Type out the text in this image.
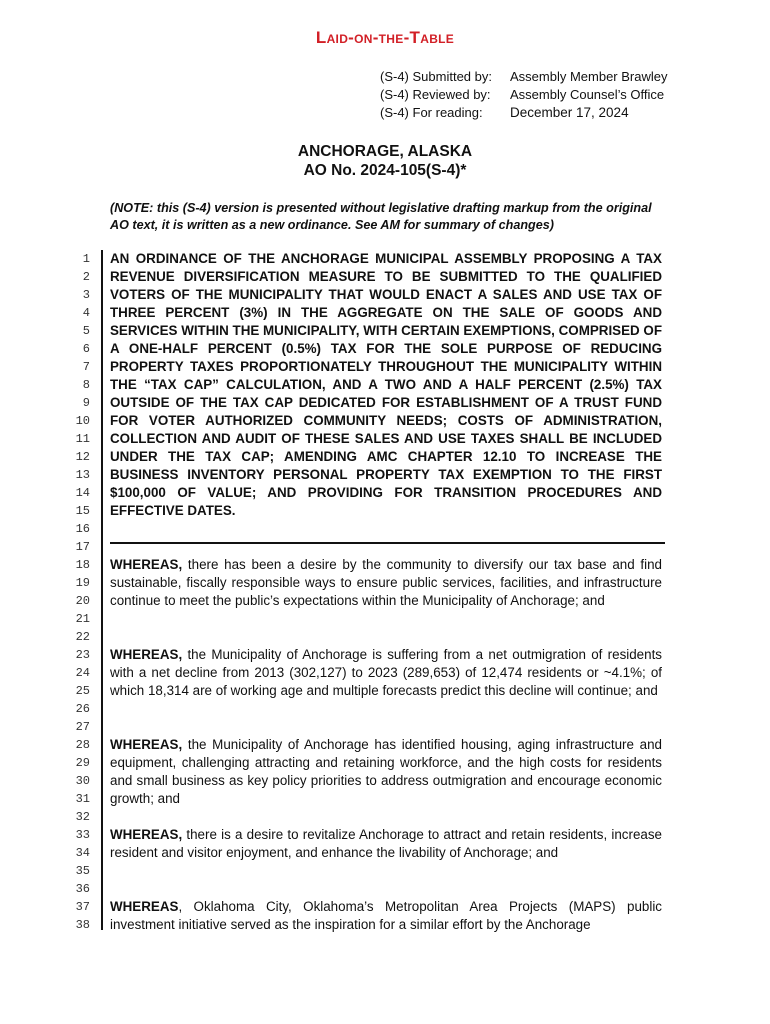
Laid-on-the-Table
(S-4) Submitted by:	Assembly Member Brawley
(S-4) Reviewed by:	Assembly Counsel’s Office
(S-4) For reading:	December 17, 2024
ANCHORAGE, ALASKA
AO No. 2024-105(S-4)*
(NOTE: this (S-4) version is presented without legislative drafting markup from the original AO text, it is written as a new ordinance. See AM for summary of changes)
1
2
3
4
5
6
7
8
9
10
11
12
13
14
15
16
17
18
19
20
21
22
23
24
25
26
27
28
29
30
31
32
33
34
35
36
37
38
AN ORDINANCE OF THE ANCHORAGE MUNICIPAL ASSEMBLY PROPOSING A TAX REVENUE DIVERSIFICATION MEASURE TO BE SUBMITTED TO THE QUALIFIED VOTERS OF THE MUNICIPALITY THAT WOULD ENACT A SALES AND USE TAX OF THREE PERCENT (3%) IN THE AGGREGATE ON THE SALE OF GOODS AND SERVICES WITHIN THE MUNICIPALITY, WITH CERTAIN EXEMPTIONS, COMPRISED OF A ONE-HALF PERCENT (0.5%) TAX FOR THE SOLE PURPOSE OF REDUCING PROPERTY TAXES PROPORTIONATELY THROUGHOUT THE MUNICIPALITY WITHIN THE “TAX CAP” CALCULATION, AND A TWO AND A HALF PERCENT (2.5%) TAX OUTSIDE OF THE TAX CAP DEDICATED FOR ESTABLISHMENT OF A TRUST FUND FOR VOTER AUTHORIZED COMMUNITY NEEDS; COSTS OF ADMINISTRATION, COLLECTION AND AUDIT OF THESE SALES AND USE TAXES SHALL BE INCLUDED UNDER THE TAX CAP; AMENDING AMC CHAPTER 12.10 TO INCREASE THE BUSINESS INVENTORY PERSONAL PROPERTY TAX EXEMPTION TO THE FIRST $100,000 OF VALUE; AND PROVIDING FOR TRANSITION PROCEDURES AND EFFECTIVE DATES.
WHEREAS, there has been a desire by the community to diversify our tax base and find sustainable, fiscally responsible ways to ensure public services, facilities, and infrastructure continue to meet the public’s expectations within the Municipality of Anchorage; and
WHEREAS, the Municipality of Anchorage is suffering from a net outmigration of residents with a net decline from 2013 (302,127) to 2023 (289,653) of 12,474 residents or ~4.1%; of which 18,314 are of working age and multiple forecasts predict this decline will continue; and
WHEREAS, the Municipality of Anchorage has identified housing, aging infrastructure and equipment, challenging attracting and retaining workforce, and the high costs for residents and small business as key policy priorities to address outmigration and encourage economic growth; and
WHEREAS, there is a desire to revitalize Anchorage to attract and retain residents, increase resident and visitor enjoyment, and enhance the livability of Anchorage; and
WHEREAS, Oklahoma City, Oklahoma’s Metropolitan Area Projects (MAPS) public investment initiative served as the inspiration for a similar effort by the Anchorage
